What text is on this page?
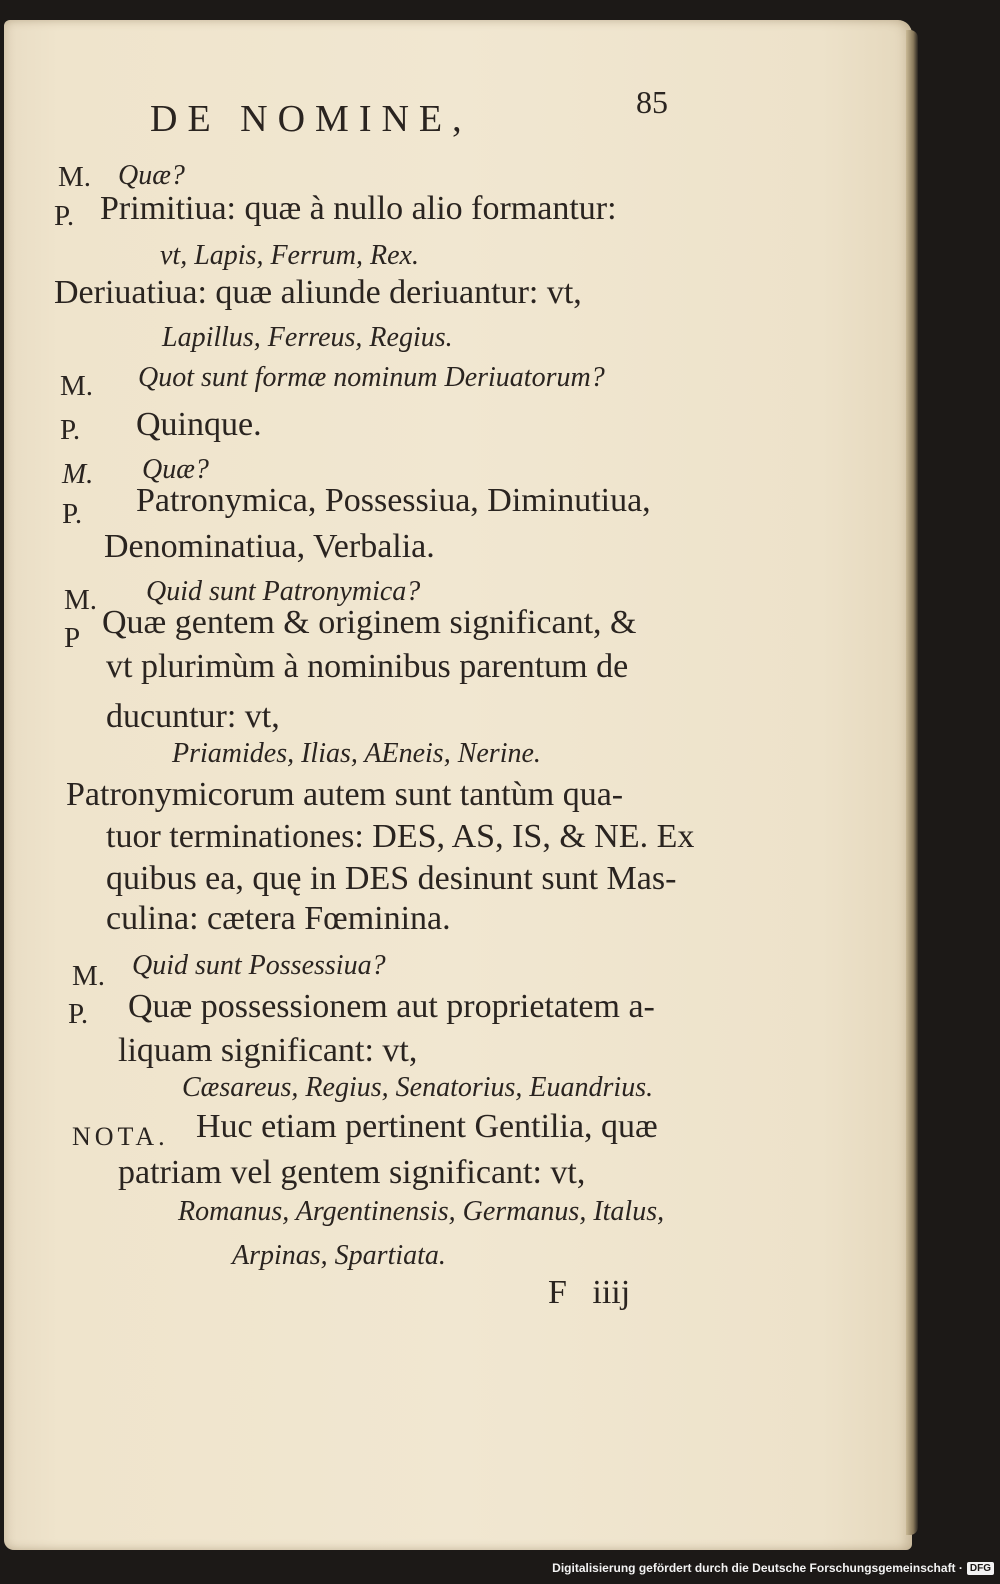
DE NOMINE,	85
M. Quæ?
P. Primitiua: quæ à nullo alio formantur:
vt, Lapis, Ferrum, Rex.
Deriuatiua: quæ aliunde deriuantur: vt,
Lapillus, Ferreus, Regius.
M. Quot sunt formæ nominum Deriuatorum?
P. Quinque.
M. Quæ?
P. Patronymica, Possessiua, Diminutiua,
Denominatiua, Verbalia.
M. Quid sunt Patronymica?
P Quæ gentem & originem significant, &
vt plurimùm à nominibus parentum de
ducuntur: vt,
Priamides, Ilias, AEneis, Nerine.
Patronymicorum autem sunt tantùm qua-
tuor terminationes: DES, AS, IS, & NE. Ex
quibus ea, quę in DES desinunt sunt Mas-
culina: cætera Fœminina.
M. Quid sunt Possessiua?
P. Quæ possessionem aut proprietatem a-
liquam significant: vt,
Cæsareus, Regius, Senatorius, Euandrius.
NOTA. Huc etiam pertinent Gentilia, quæ
patriam vel gentem significant: vt,
Romanus, Argentinensis, Germanus, Italus,
Arpinas, Spartiata.
F   iiij
Digitalisierung gefördert durch die Deutsche Forschungsgemeinschaft · DFG
